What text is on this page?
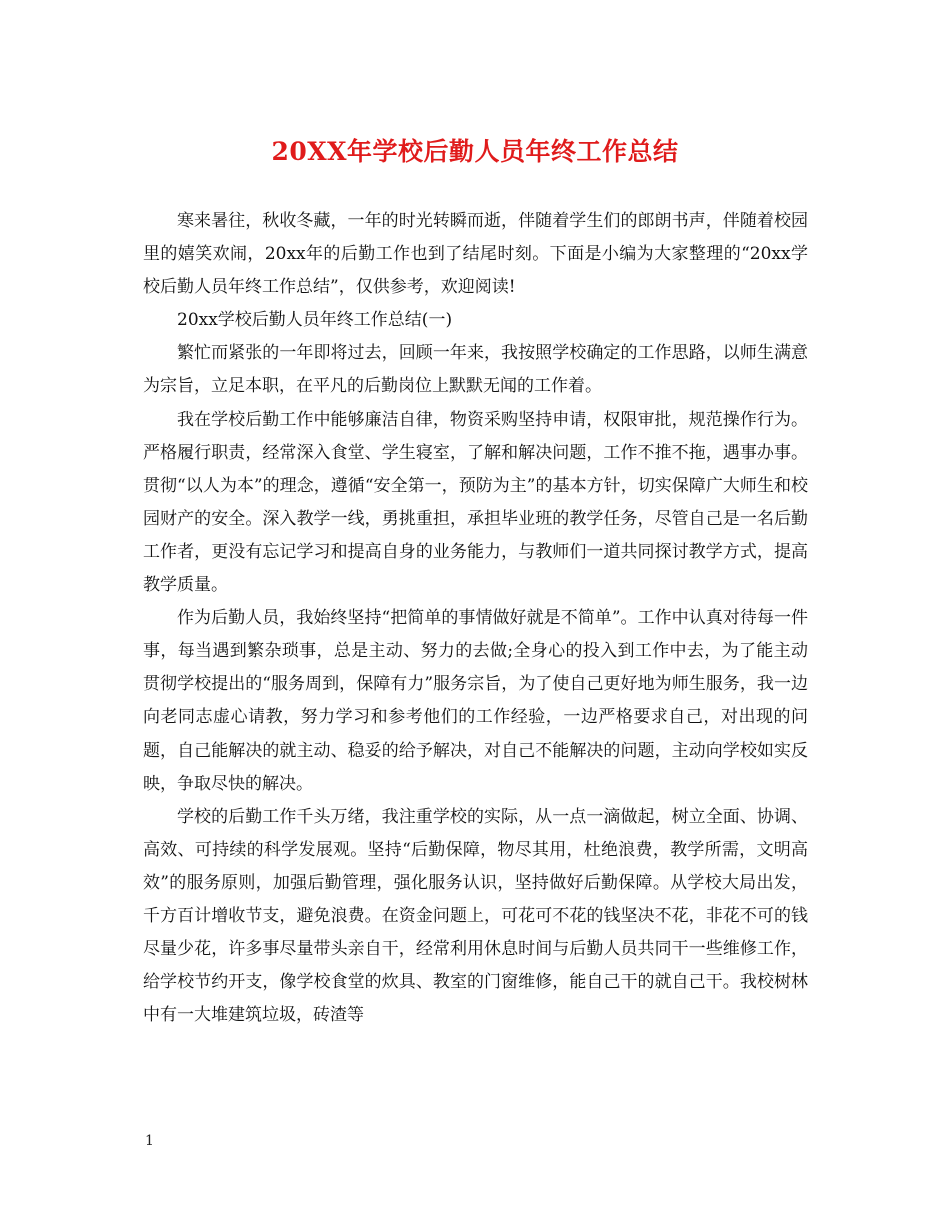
20XX年学校后勤人员年终工作总结

寒来暑往，秋收冬藏，一年的时光转瞬而逝，伴随着学生们的郎朗书声，伴随着校园里的嬉笑欢闹，20xx年的后勤工作也到了结尾时刻。下面是小编为大家整理的“20xx学校后勤人员年终工作总结”，仅供参考，欢迎阅读!

20xx学校后勤人员年终工作总结(一)

繁忙而紧张的一年即将过去，回顾一年来，我按照学校确定的工作思路，以师生满意为宗旨，立足本职，在平凡的后勤岗位上默默无闻的工作着。

我在学校后勤工作中能够廉洁自律，物资采购坚持申请，权限审批，规范操作行为。严格履行职责，经常深入食堂、学生寝室，了解和解决问题，工作不推不拖，遇事办事。贯彻“以人为本”的理念，遵循“安全第一，预防为主”的基本方针，切实保障广大师生和校园财产的安全。深入教学一线，勇挑重担，承担毕业班的教学任务，尽管自己是一名后勤工作者，更没有忘记学习和提高自身的业务能力，与教师们一道共同探讨教学方式，提高教学质量。

作为后勤人员，我始终坚持“把简单的事情做好就是不简单”。工作中认真对待每一件事，每当遇到繁杂琐事，总是主动、努力的去做;全身心的投入到工作中去，为了能主动贯彻学校提出的“服务周到，保障有力”服务宗旨，为了使自己更好地为师生服务，我一边向老同志虚心请教，努力学习和参考他们的工作经验，一边严格要求自己，对出现的问题，自己能解决的就主动、稳妥的给予解决，对自己不能解决的问题，主动向学校如实反映，争取尽快的解决。

学校的后勤工作千头万绪，我注重学校的实际，从一点一滴做起，树立全面、协调、高效、可持续的科学发展观。坚持“后勤保障，物尽其用，杜绝浪费，教学所需，文明高效”的服务原则，加强后勤管理，强化服务认识，坚持做好后勤保障。从学校大局出发，千方百计增收节支，避免浪费。在资金问题上，可花可不花的钱坚决不花，非花不可的钱尽量少花，许多事尽量带头亲自干，经常利用休息时间与后勤人员共同干一些维修工作，给学校节约开支，像学校食堂的炊具、教室的门窗维修，能自己干的就自己干。我校树林中有一大堆建筑垃圾，砖渣等

1
